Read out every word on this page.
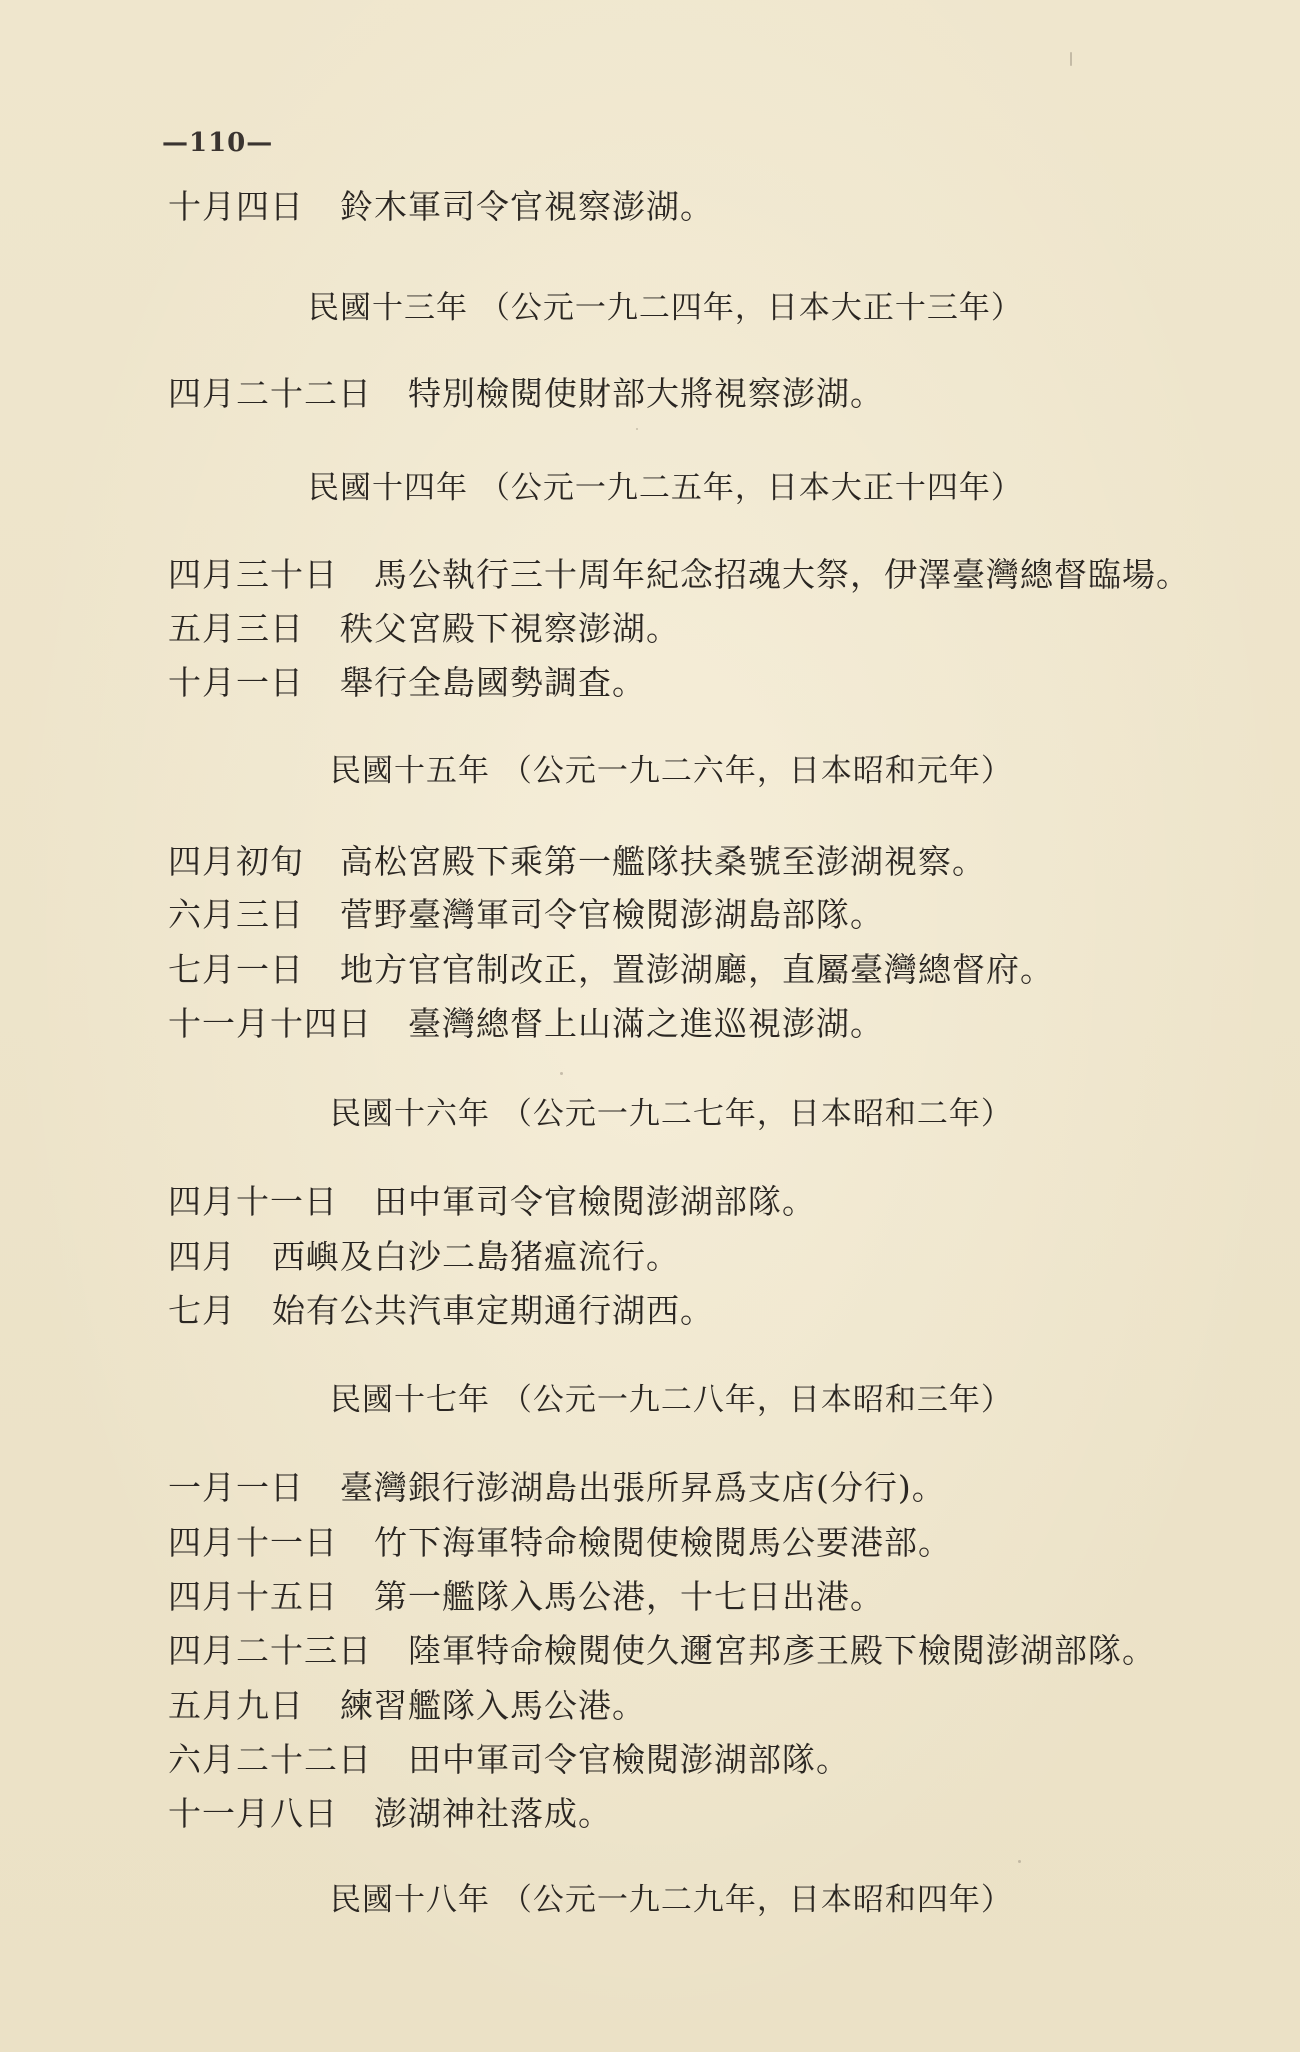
—110—
十月四日 鈴木軍司令官視察澎湖。
民國十三年 （公元一九二四年，日本大正十三年）
四月二十二日 特別檢閱使財部大將視察澎湖。
民國十四年 （公元一九二五年，日本大正十四年）
四月三十日 馬公執行三十周年紀念招魂大祭，伊澤臺灣總督臨場。
五月三日 秩父宮殿下視察澎湖。
十月一日 舉行全島國勢調査。
民國十五年 （公元一九二六年，日本昭和元年）
四月初旬 高松宮殿下乘第一艦隊扶桑號至澎湖視察。
六月三日 菅野臺灣軍司令官檢閱澎湖島部隊。
七月一日 地方官官制改正，置澎湖廳，直屬臺灣總督府。
十一月十四日 臺灣總督上山滿之進巡視澎湖。
民國十六年 （公元一九二七年，日本昭和二年）
四月十一日 田中軍司令官檢閱澎湖部隊。
四月 西嶼及白沙二島猪瘟流行。
七月 始有公共汽車定期通行湖西。
民國十七年 （公元一九二八年，日本昭和三年）
一月一日 臺灣銀行澎湖島出張所昇爲支店(分行)。
四月十一日 竹下海軍特命檢閱使檢閱馬公要港部。
四月十五日 第一艦隊入馬公港，十七日出港。
四月二十三日 陸軍特命檢閱使久邇宮邦彥王殿下檢閱澎湖部隊。
五月九日 練習艦隊入馬公港。
六月二十二日 田中軍司令官檢閱澎湖部隊。
十一月八日 澎湖神社落成。
民國十八年 （公元一九二九年，日本昭和四年）
